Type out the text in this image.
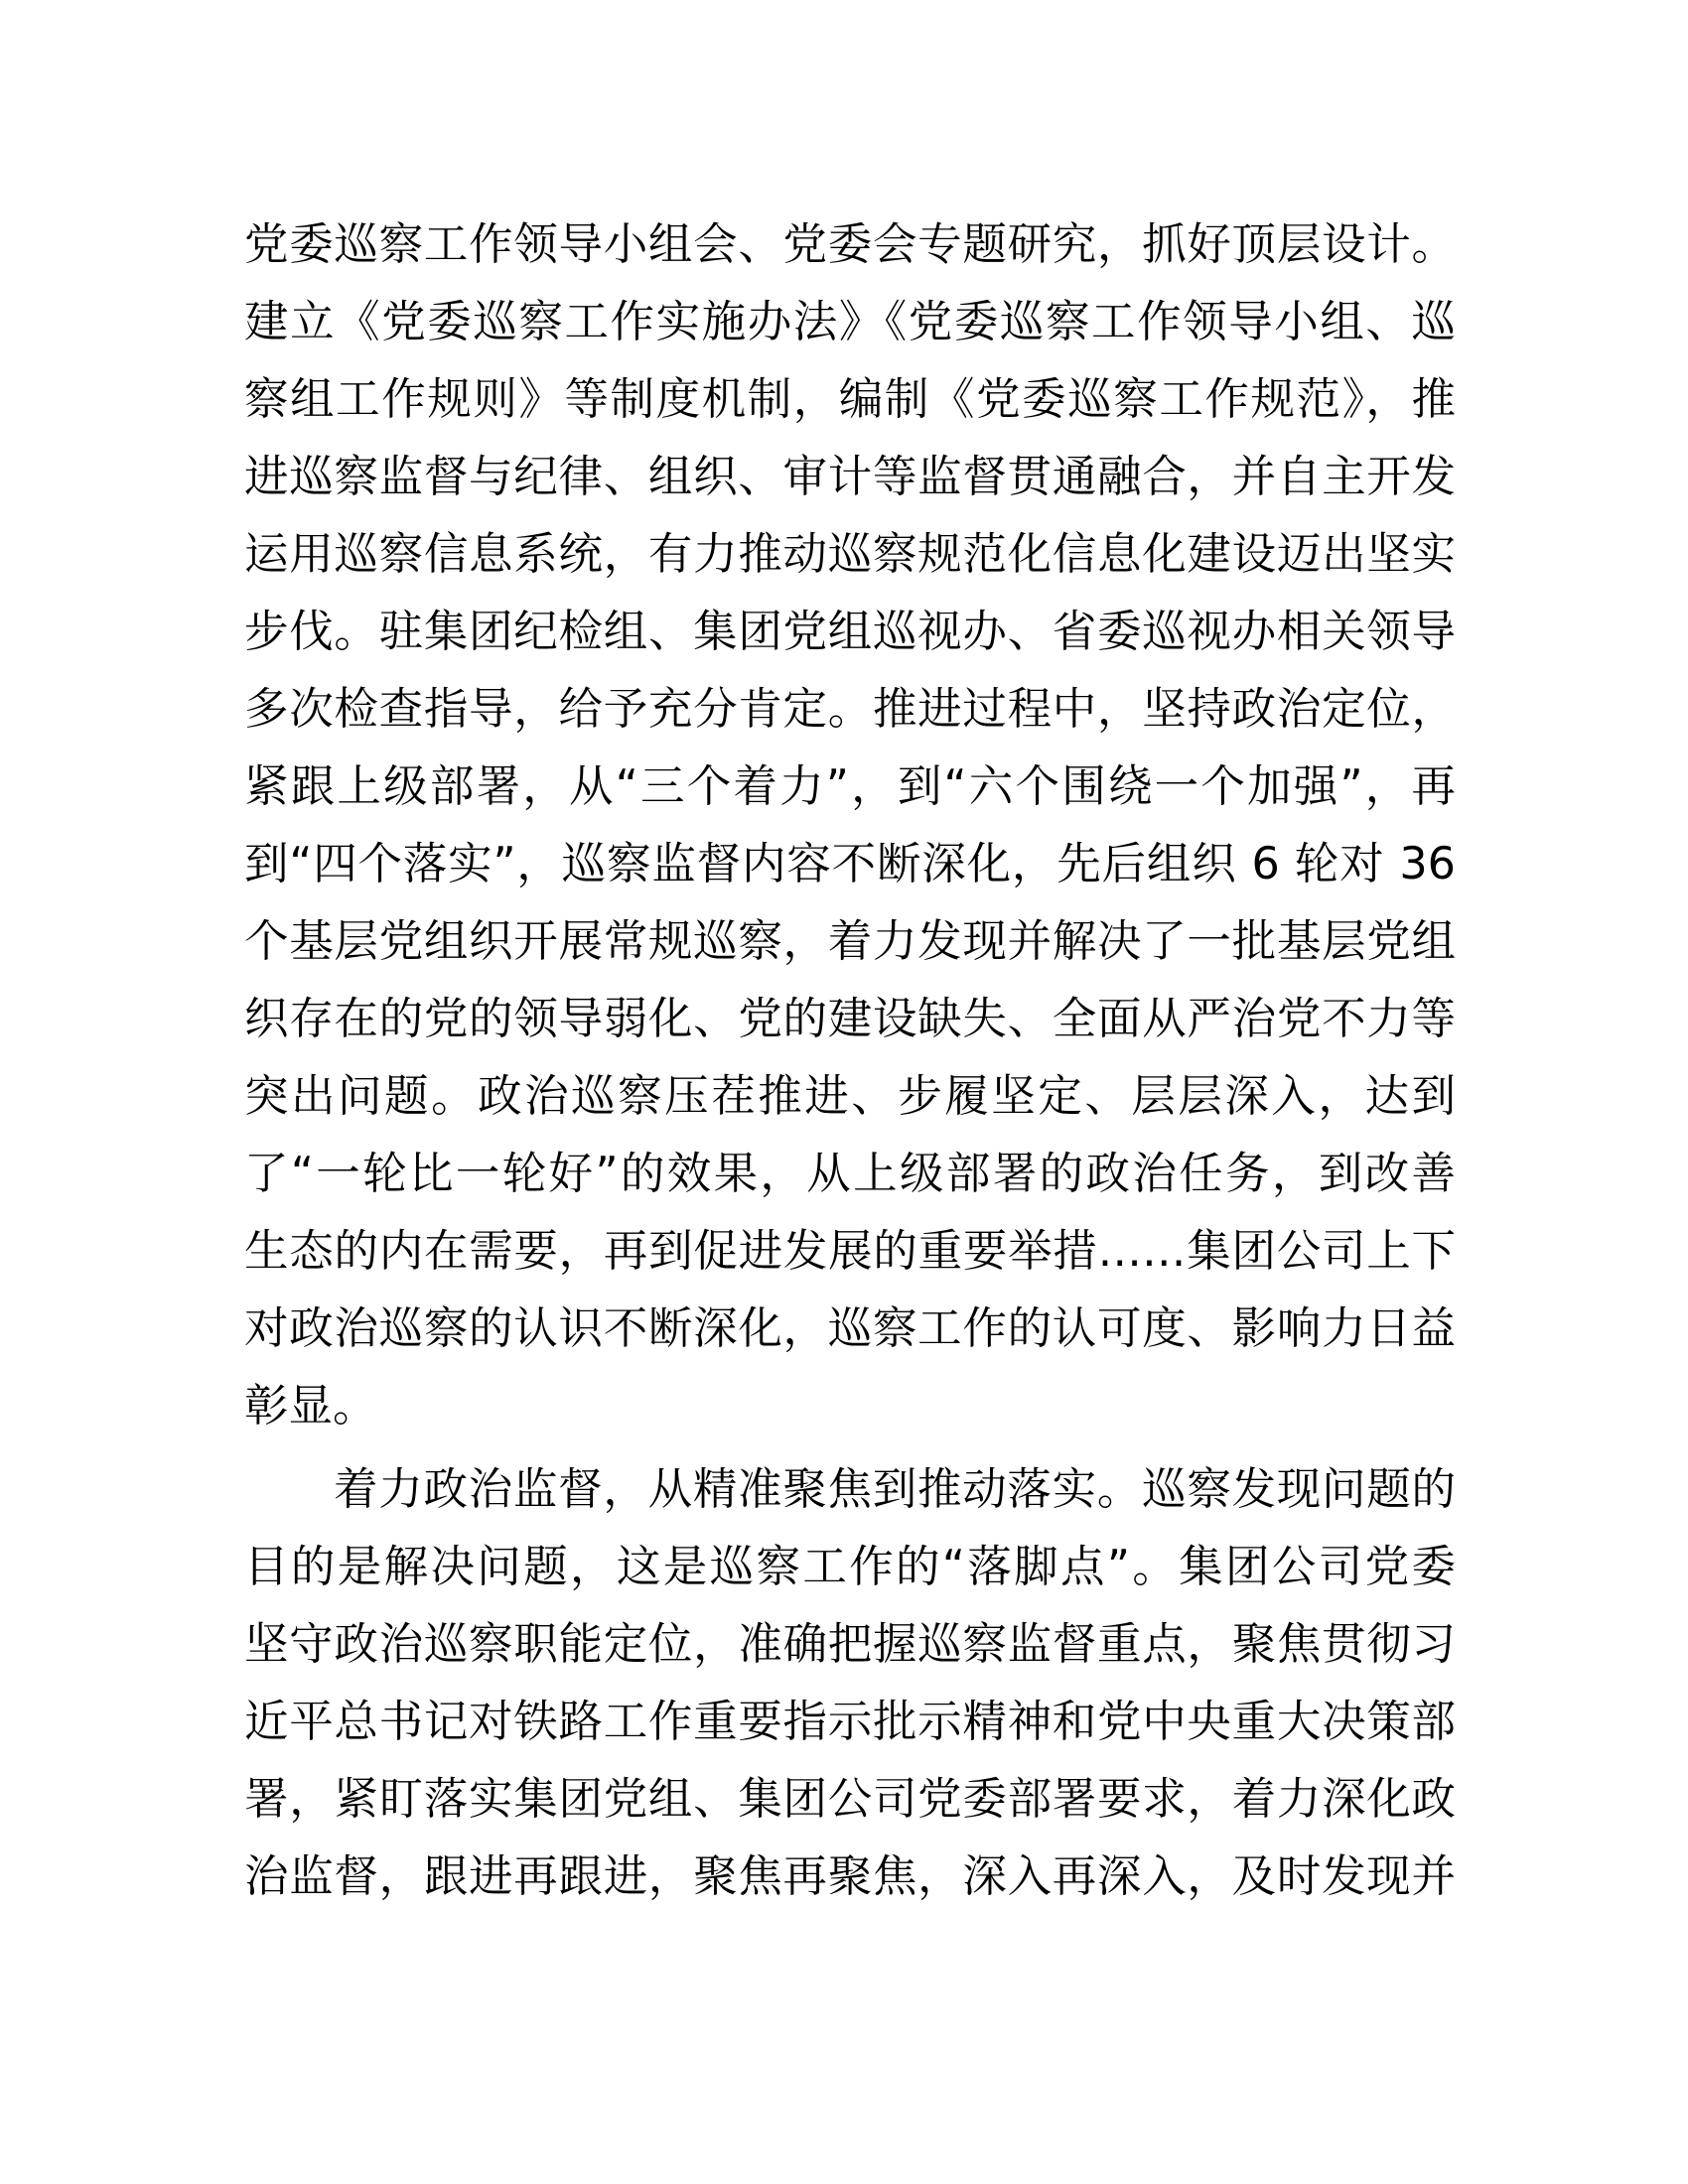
党委巡察工作领导小组会、党委会专题研究，抓好顶层设计。
建立《党委巡察工作实施办法》《党委巡察工作领导小组、巡
察组工作规则》等制度机制，编制《党委巡察工作规范》，推
进巡察监督与纪律、组织、审计等监督贯通融合，并自主开发
运用巡察信息系统，有力推动巡察规范化信息化建设迈出坚实
步伐。驻集团纪检组、集团党组巡视办、省委巡视办相关领导
多次检查指导，给予充分肯定。推进过程中，坚持政治定位，
紧跟上级部署，从“三个着力”，到“六个围绕一个加强”，再
到“四个落实”，巡察监督内容不断深化，先后组织 6 轮对 36
个基层党组织开展常规巡察，着力发现并解决了一批基层党组
织存在的党的领导弱化、党的建设缺失、全面从严治党不力等
突出问题。政治巡察压茬推进、步履坚定、层层深入，达到
了“一轮比一轮好”的效果，从上级部署的政治任务，到改善
生态的内在需要，再到促进发展的重要举措……集团公司上下
对政治巡察的认识不断深化，巡察工作的认可度、影响力日益
彰显。
着力政治监督，从精准聚焦到推动落实。巡察发现问题的
目的是解决问题，这是巡察工作的“落脚点”。集团公司党委
坚守政治巡察职能定位，准确把握巡察监督重点，聚焦贯彻习
近平总书记对铁路工作重要指示批示精神和党中央重大决策部
署，紧盯落实集团党组、集团公司党委部署要求，着力深化政
治监督，跟进再跟进，聚焦再聚焦，深入再深入，及时发现并
